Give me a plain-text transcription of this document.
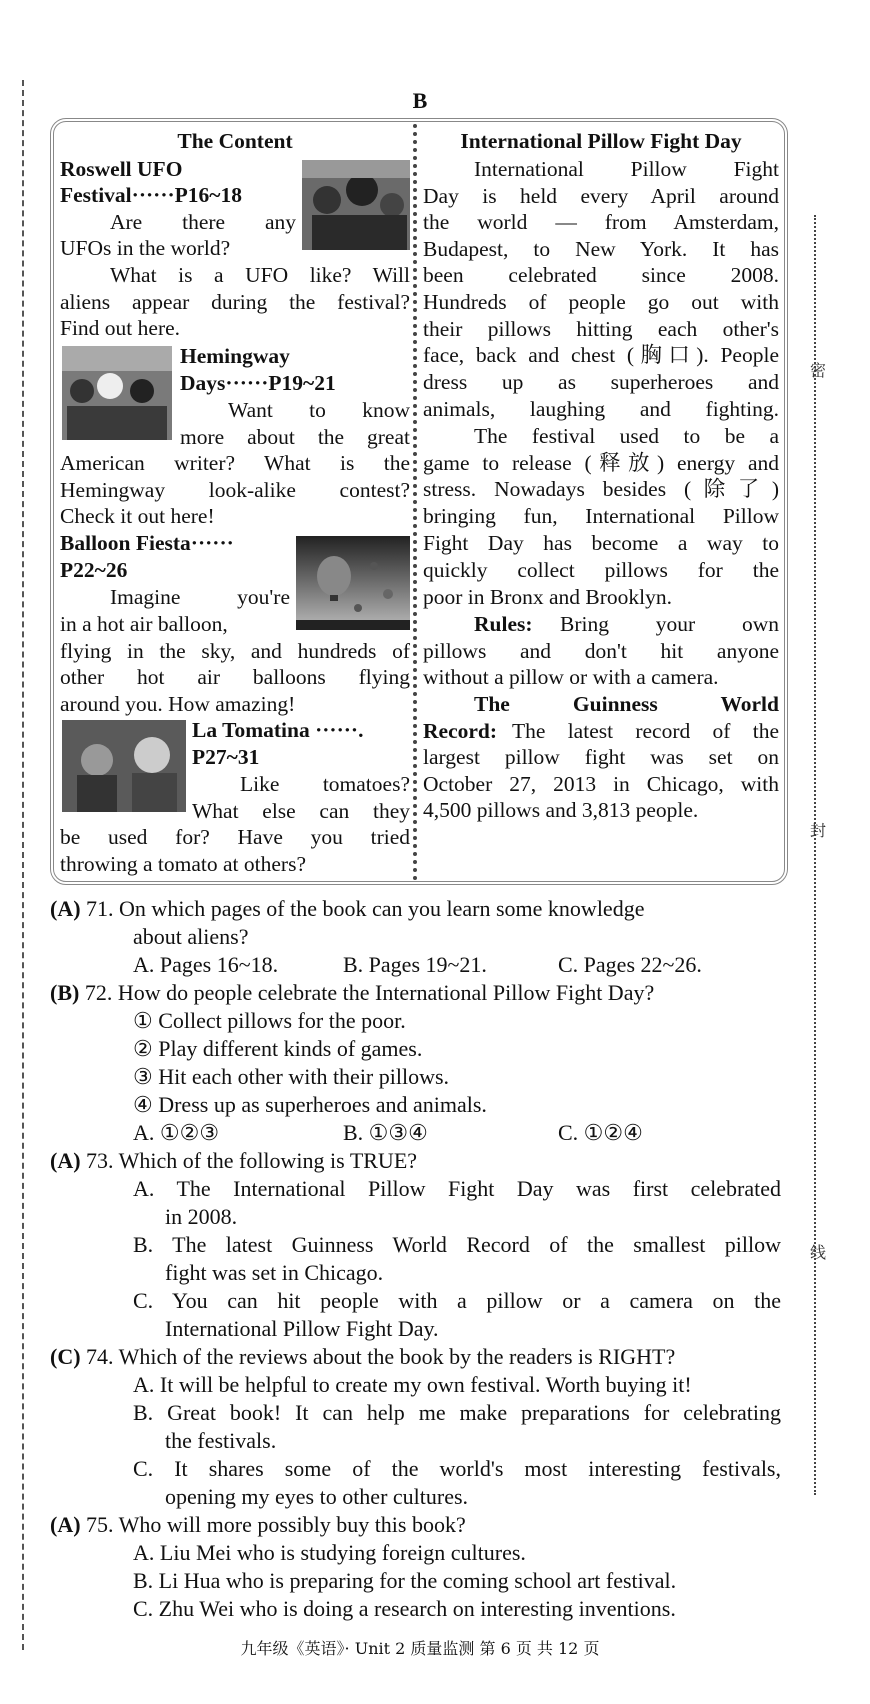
密
封
线
B
The Content
Roswell UFO
Festival······P16~18
Are there any
UFOs in the world?
What is a UFO like? Will
aliens appear during the festival?
Find out here.
Hemingway
Days······P19~21
Want to know
more about the great
American writer? What is the
Hemingway look-alike contest?
Check it out here!
Balloon Fiesta······
P22~26
Imagine you're
in a hot air balloon,
flying in the sky, and hundreds of
other hot air balloons flying
around you. How amazing!
La Tomatina ······.
P27~31
Like tomatoes?
What else can they
be used for? Have you tried
throwing a tomato at others?
International Pillow Fight Day
International Pillow Fight
Day is held every April around
the world — from Amsterdam,
Budapest, to New York. It has
been celebrated since 2008.
Hundreds of people go out with
their pillows hitting each other's
face, back and chest (胸口). People
dress up as superheroes and
animals, laughing and fighting.
The festival used to be a
game to release (释放) energy and
stress. Nowadays besides (除了)
bringing fun, International Pillow
Fight Day has become a way to
quickly collect pillows for the
poor in Bronx and Brooklyn.
Rules: Bring your own
pillows and don't hit anyone
without a pillow or with a camera.
The Guinness World
Record: The latest record of the
largest pillow fight was set on
October 27, 2013 in Chicago, with
4,500 pillows and 3,813 people.
(A) 71. On which pages of the book can you learn some knowledge
about aliens?
A. Pages 16~18.	B. Pages 19~21.	C. Pages 22~26.
(B) 72. How do people celebrate the International Pillow Fight Day?
① Collect pillows for the poor.
② Play different kinds of games.
③ Hit each other with their pillows.
④ Dress up as superheroes and animals.
A. ①②③	B. ①③④	C. ①②④
(A) 73. Which of the following is TRUE?
A. The International Pillow Fight Day was first celebrated
in 2008.
B. The latest Guinness World Record of the smallest pillow
fight was set in Chicago.
C. You can hit people with a pillow or a camera on the
International Pillow Fight Day.
(C) 74. Which of the reviews about the book by the readers is RIGHT?
A. It will be helpful to create my own festival. Worth buying it!
B. Great book! It can help me make preparations for celebrating
the festivals.
C. It shares some of the world's most interesting festivals,
opening my eyes to other cultures.
(A) 75. Who will more possibly buy this book?
A. Liu Mei who is studying foreign cultures.
B. Li Hua who is preparing for the coming school art festival.
C. Zhu Wei who is doing a research on interesting inventions.
九年级《英语》· Unit 2 质量监测 第 6 页 共 12 页
